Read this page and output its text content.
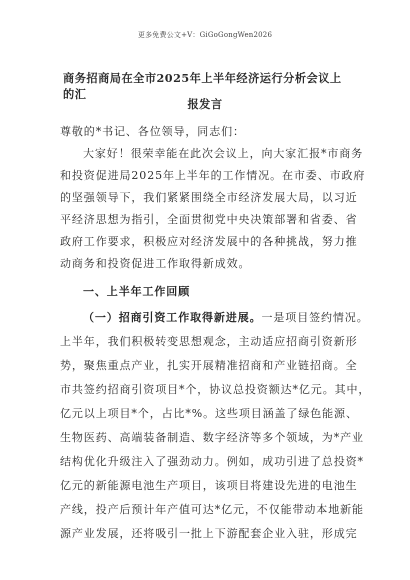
更多免费公文+V：GiGoGongWen2026
商务招商局在全市2025年上半年经济运行分析会议上的汇
报发言
尊敬的*书记、各位领导，同志们：
大家好！很荣幸能在此次会议上，向大家汇报*市商务
和投资促进局2025年上半年的工作情况。在市委、市政府
的坚强领导下，我们紧紧围绕全市经济发展大局，以习近
平经济思想为指引，全面贯彻党中央决策部署和省委、省
政府工作要求，积极应对经济发展中的各种挑战，努力推
动商务和投资促进工作取得新成效。
一、上半年工作回顾
（一）招商引资工作取得新进展。一是项目签约情况。
上半年，我们积极转变思想观念，主动适应招商引资新形
势，聚焦重点产业，扎实开展精准招商和产业链招商。全
市共签约招商引资项目*个，协议总投资额达*亿元。其中，
亿元以上项目*个，占比*%。这些项目涵盖了绿色能源、
生物医药、高端装备制造、数字经济等多个领域，为*产业
结构优化升级注入了强劲动力。例如，成功引进了总投资*
亿元的新能源电池生产项目，该项目将建设先进的电池生
产线，投产后预计年产值可达*亿元，不仅能带动本地新能
源产业发展，还将吸引一批上下游配套企业入驻，形成完
